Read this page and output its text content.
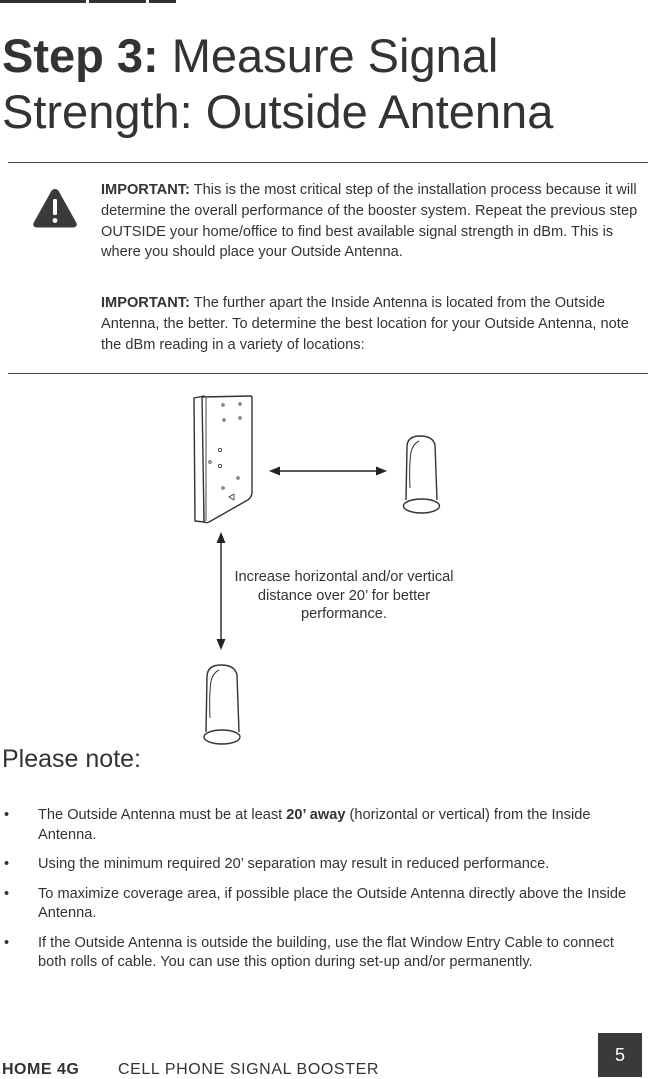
Step 3: Measure Signal Strength: Outside Antenna

IMPORTANT: This is the most critical step of the installation process because it will determine the overall performance of the booster system. Repeat the previous step OUTSIDE your home/office to find best available signal strength in dBm. This is where you should place your Outside Antenna.

IMPORTANT: The further apart the Inside Antenna is located from the Outside Antenna, the better. To determine the best location for your Outside Antenna, note the dBm reading in a variety of locations:

Increase horizontal and/or vertical distance over 20’ for better performance.
Please note:
• The Outside Antenna must be at least 20’ away (horizontal or vertical) from the Inside Antenna.
• Using the minimum required 20’ separation may result in reduced performance.
• To maximize coverage area, if possible place the Outside Antenna directly above the Inside Antenna.
• If the Outside Antenna is outside the building, use the flat Window Entry Cable to connect both rolls of cable. You can use this option during set-up and/or permanently.
HOME 4G CELL PHONE SIGNAL BOOSTER
5
